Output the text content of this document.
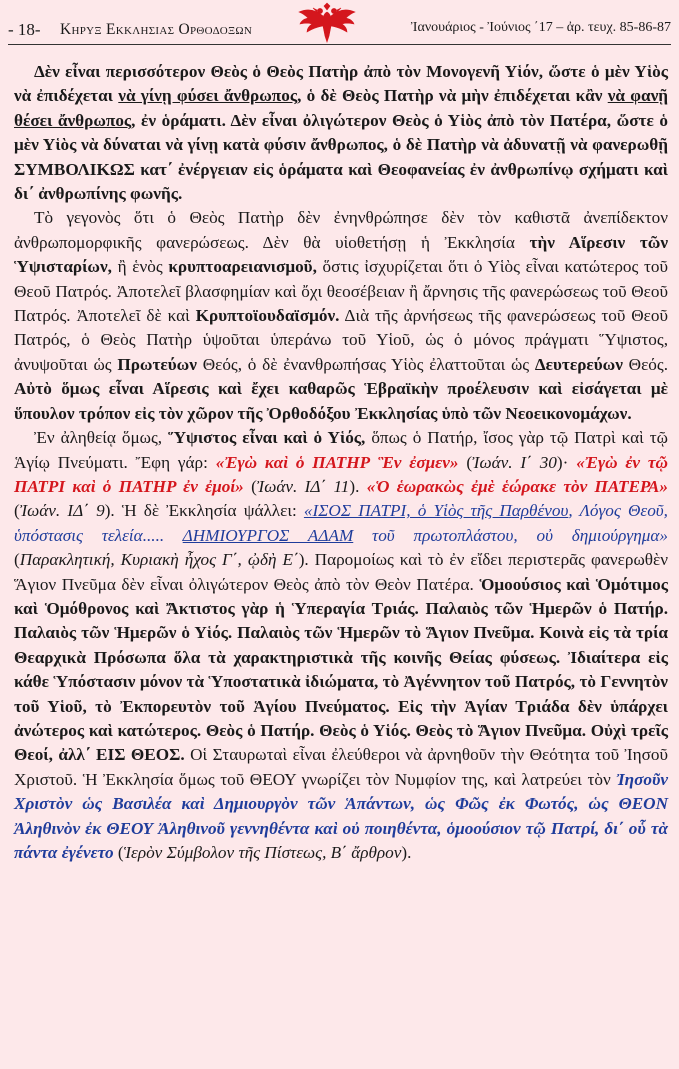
- 18- Κηρυξ Εκκλησιας Ορθοδοξων	Ἰανουάριος - Ἰούνιος ΄17 – ἀρ. τευχ. 85-86-87

Δὲν εἶναι περισσότερον Θεὸς ὁ Θεὸς Πατὴρ ἀπὸ τὸν Μονογενῆ Υἱόν, ὥστε ὁ μὲν Υἱὸς νὰ ἐπιδέχεται νὰ γίνῃ φύσει ἄνθρωπος, ὁ δὲ Θεὸς Πατὴρ νὰ μὴν ἐπιδέχεται κἂν νὰ φανῇ θέσει ἄνθρωπος, ἐν ὁράματι. Δὲν εἶναι ὀλιγώτερον Θεὸς ὁ Υἱὸς ἀπὸ τὸν Πατέρα, ὥστε ὁ μὲν Υἱὸς νὰ δύναται νὰ γίνῃ κατὰ φύσιν ἄνθρωπος, ὁ δὲ Πατὴρ νὰ ἀδυνατῇ νὰ φανερωθῇ ΣΥΜΒΟΛΙΚΩΣ κατ΄ ἐνέργειαν εἰς ὁράματα καὶ Θεοφανείας ἐν ἀνθρωπίνῳ σχήματι καὶ δι΄ ἀνθρωπίνης φωνῆς.

Τὸ γεγονὸς ὅτι ὁ Θεὸς Πατὴρ δὲν ἐνηνθρώπησε δὲν τὸν καθιστᾶ ἀνεπίδεκτον ἀνθρωπομορφικῆς φανερώσεως. Δὲν θὰ υἱοθετήσῃ ἡ Ἐκκλησία τὴν Αἵρεσιν τῶν Ὑψισταρίων, ἢ ἑνὸς κρυπτοαρειανισμοῦ, ὅστις ἰσχυρίζεται ὅτι ὁ Υἱὸς εἶναι κατώτερος τοῦ Θεοῦ Πατρός. Ἀποτελεῖ βλασφημίαν καὶ ὄχι θεοσέβειαν ἢ ἄρνησις τῆς φανερώσεως τοῦ Θεοῦ Πατρός. Ἀποτελεῖ δὲ καὶ Κρυπτοϊουδαϊσμόν. Διὰ τῆς ἀρνήσεως τῆς φανερώσεως τοῦ Θεοῦ Πατρός, ὁ Θεὸς Πατὴρ ὑψοῦται ὑπεράνω τοῦ Υἱοῦ, ὡς ὁ μόνος πράγματι Ὕψιστος, ἀνυψοῦται ὡς Πρωτεύων Θεός, ὁ δὲ ἐνανθρωπήσας Υἱὸς ἐλαττοῦται ὡς Δευτερεύων Θεός. Αὐτὸ ὅμως εἶναι Αἵρεσις καὶ ἔχει καθαρῶς Ἑβραϊκὴν προέλευσιν καὶ εἰσάγεται μὲ ὕπουλον τρόπον εἰς τὸν χῶρον τῆς Ὀρθοδόξου Ἐκκλησίας ὑπὸ τῶν Νεοεικονομάχων.

Ἐν ἀληθείᾳ ὅμως, Ὕψιστος εἶναι καὶ ὁ Υἱός, ὅπως ὁ Πατήρ, ἴσος γὰρ τῷ Πατρὶ καὶ τῷ Ἁγίῳ Πνεύματι. Ἔφη γάρ: «Ἐγὼ καὶ ὁ ΠΑΤΗΡ Ἓν ἐσμεν» (Ἰωάν. Ι΄ 30)· «Ἐγὼ ἐν τῷ ΠΑΤΡΙ καὶ ὁ ΠΑΤΗΡ ἐν ἐμοί» (Ἰωάν. ΙΔ΄ 11). «Ὁ ἑωρακὼς ἐμὲ ἑώρακε τὸν ΠΑΤΕΡΑ» (Ἰωάν. ΙΔ΄ 9). Ἡ δὲ Ἐκκλησία ψάλλει: «ΙΣΟΣ ΠΑΤΡΙ, ὁ Υἱὸς τῆς Παρθένου, Λόγος Θεοῦ, ὑπόστασις τελεία..... ΔΗΜΙΟΥΡΓΟΣ ΑΔΑΜ τοῦ πρωτοπλάστου, οὐ δημιούργημα» (Παρακλητική, Κυριακὴ ἦχος Γ΄, ᾠδὴ Ε΄). Παρομοίως καὶ τὸ ἐν εἴδει περιστερᾶς φανερωθὲν Ἅγιον Πνεῦμα δὲν εἶναι ὀλιγώτερον Θεὸς ἀπὸ τὸν Θεὸν Πατέρα. Ὁμοούσιος καὶ Ὁμότιμος καὶ Ὁμόθρονος καὶ Ἄκτιστος γὰρ ἡ Ὑπεραγία Τριάς. Παλαιὸς τῶν Ἡμερῶν ὁ Πατήρ. Παλαιὸς τῶν Ἡμερῶν ὁ Υἱός. Παλαιὸς τῶν Ἡμερῶν τὸ Ἅγιον Πνεῦμα. Κοινὰ εἰς τὰ τρία Θεαρχικὰ Πρόσωπα ὅλα τὰ χαρακτηριστικὰ τῆς κοινῆς Θείας φύσεως. Ἰδιαίτερα εἰς κάθε Ὑπόστασιν μόνον τὰ Ὑποστατικὰ ἰδιώματα, τὸ Ἀγέννητον τοῦ Πατρός, τὸ Γεννητὸν τοῦ Υἱοῦ, τὸ Ἐκπορευτὸν τοῦ Ἁγίου Πνεύματος. Εἰς τὴν Ἁγίαν Τριάδα δὲν ὑπάρχει ἀνώτερος καὶ κατώτερος. Θεὸς ὁ Πατήρ. Θεὸς ὁ Υἱός. Θεὸς τὸ Ἅγιον Πνεῦμα. Οὐχὶ τρεῖς Θεοί, ἀλλ΄ ΕΙΣ ΘΕΟΣ. Οἱ Σταυρωταὶ εἶναι ἐλεύθεροι νὰ ἀρνηθοῦν τὴν Θεότητα τοῦ Ἰησοῦ Χριστοῦ. Ἡ Ἐκκλησία ὅμως τοῦ ΘΕΟΥ γνωρίζει τὸν Νυμφίον της, καὶ λατρεύει τὸν Ἰησοῦν Χριστὸν ὡς Βασιλέα καὶ Δημιουργὸν τῶν Ἁπάντων, ὡς Φῶς ἐκ Φωτός, ὡς ΘΕΟΝ Ἀληθινὸν ἐκ ΘΕΟΥ Ἀληθινοῦ γεννηθέντα καὶ οὐ ποιηθέντα, ὁμοούσιον τῷ Πατρί, δι΄ οὗ τὰ πάντα ἐγένετο (Ἱερὸν Σύμβολον τῆς Πίστεως, Β΄ ἄρθρον).
